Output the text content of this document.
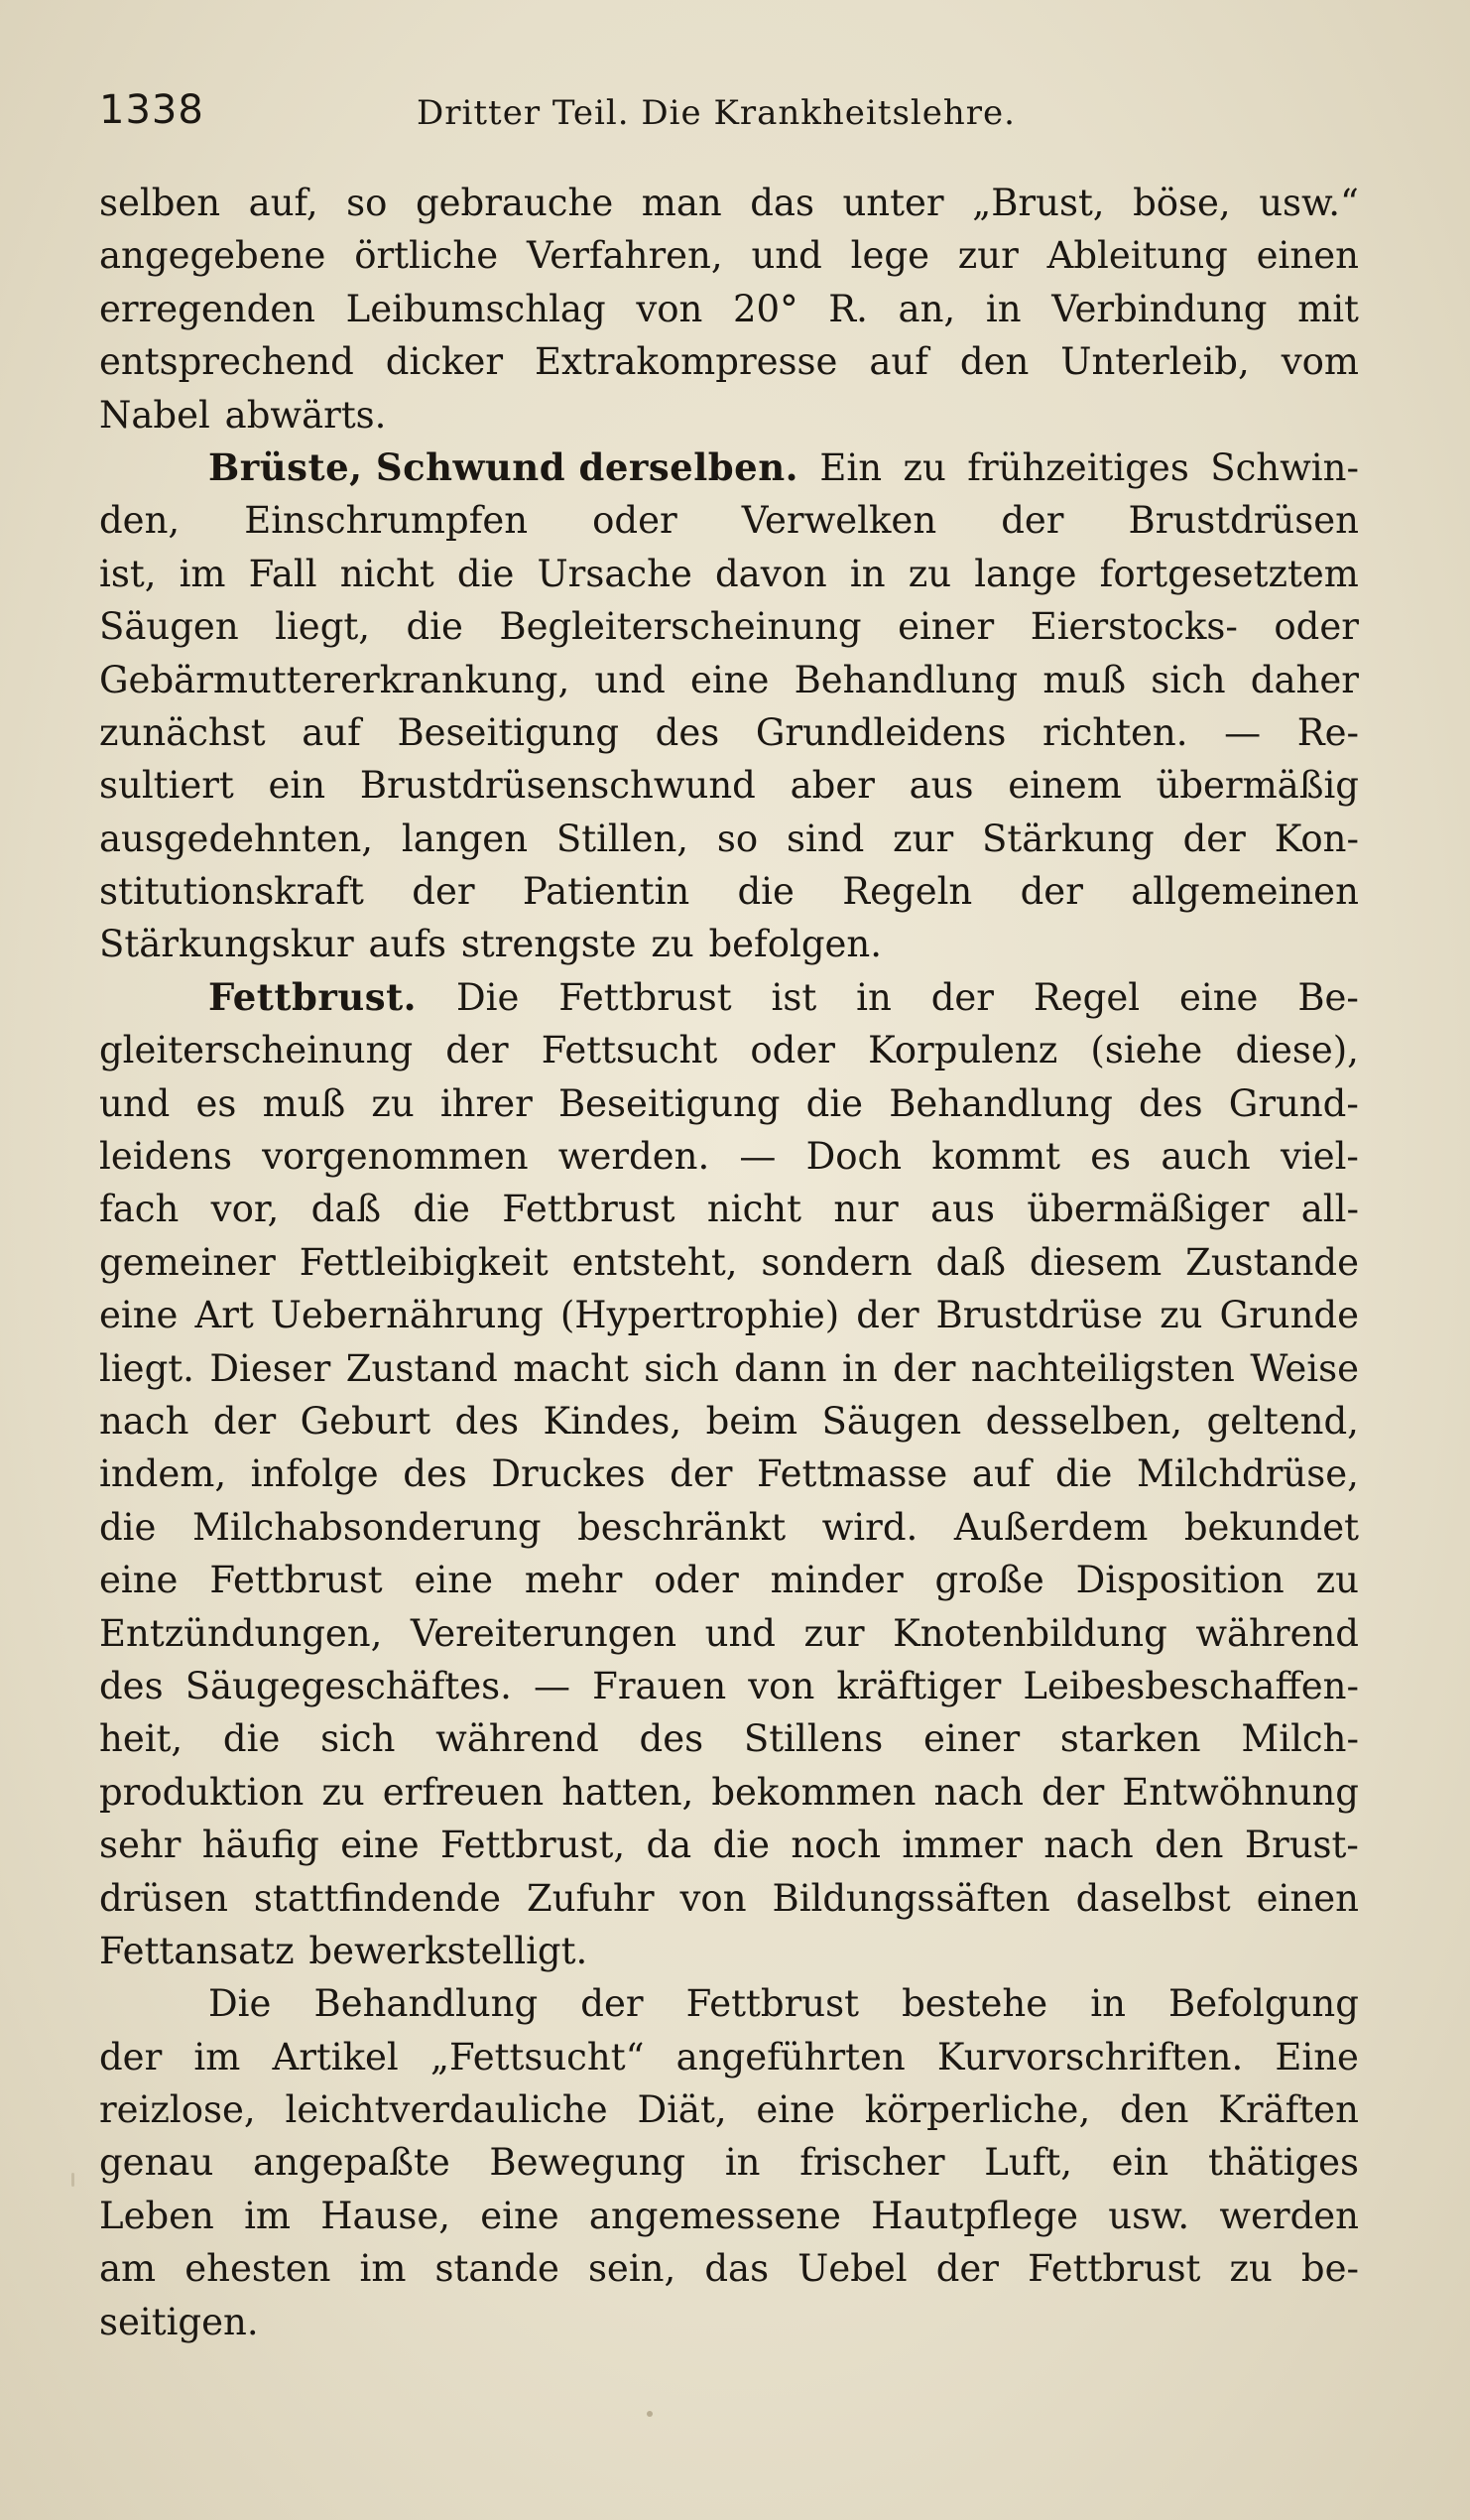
1338	Dritter Teil. Die Krankheitslehre.
selben auf, so gebrauche man das unter „Brust, böse, usw.“
angegebene örtliche Verfahren, und lege zur Ableitung einen
erregenden Leibumschlag von 20° R. an, in Verbindung mit
entsprechend dicker Extrakompresse auf den Unterleib, vom
Nabel abwärts.
Brüste, Schwund derselben. Ein zu frühzeitiges Schwin-
den, Einschrumpfen oder Verwelken der Brustdrüsen
ist, im Fall nicht die Ursache davon in zu lange fortgesetztem
Säugen liegt, die Begleiterscheinung einer Eierstocks- oder
Gebärmuttererkrankung, und eine Behandlung muß sich daher
zunächst auf Beseitigung des Grundleidens richten. — Re-
sultiert ein Brustdrüsenschwund aber aus einem übermäßig
ausgedehnten, langen Stillen, so sind zur Stärkung der Kon-
stitutionskraft der Patientin die Regeln der allgemeinen
Stärkungskur aufs strengste zu befolgen.
Fettbrust. Die Fettbrust ist in der Regel eine Be-
gleiterscheinung der Fettsucht oder Korpulenz (siehe diese),
und es muß zu ihrer Beseitigung die Behandlung des Grund-
leidens vorgenommen werden. — Doch kommt es auch viel-
fach vor, daß die Fettbrust nicht nur aus übermäßiger all-
gemeiner Fettleibigkeit entsteht, sondern daß diesem Zustande
eine Art Uebernährung (Hypertrophie) der Brustdrüse zu Grunde
liegt. Dieser Zustand macht sich dann in der nachteiligsten Weise
nach der Geburt des Kindes, beim Säugen desselben, geltend,
indem, infolge des Druckes der Fettmasse auf die Milchdrüse,
die Milchabsonderung beschränkt wird. Außerdem bekundet
eine Fettbrust eine mehr oder minder große Disposition zu
Entzündungen, Vereiterungen und zur Knotenbildung während
des Säugegeschäftes. — Frauen von kräftiger Leibesbeschaffen-
heit, die sich während des Stillens einer starken Milch-
produktion zu erfreuen hatten, bekommen nach der Entwöhnung
sehr häufig eine Fettbrust, da die noch immer nach den Brust-
drüsen stattfindende Zufuhr von Bildungssäften daselbst einen
Fettansatz bewerkstelligt.
Die Behandlung der Fettbrust bestehe in Befolgung
der im Artikel „Fettsucht“ angeführten Kurvorschriften. Eine
reizlose, leichtverdauliche Diät, eine körperliche, den Kräften
genau angepaßte Bewegung in frischer Luft, ein thätiges
Leben im Hause, eine angemessene Hautpflege usw. werden
am ehesten im stande sein, das Uebel der Fettbrust zu be-
seitigen.
